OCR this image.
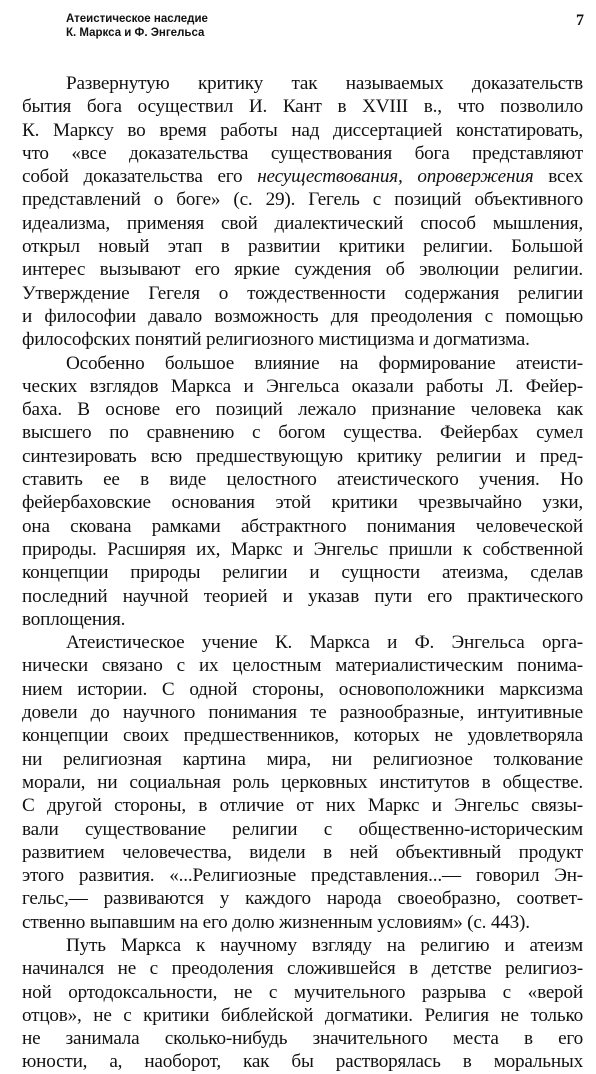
Атеистическое наследие
К. Маркса и Ф. Энгельса
7
Развернутую критику так называемых доказательств
бытия бога осуществил И. Кант в XVIII в., что позволило
К. Марксу во время работы над диссертацией констатировать,
что «все доказательства существования бога представляют
собой доказательства его несуществования, опровержения всех
представлений о боге» (с. 29). Гегель с позиций объективного
идеализма, применяя свой диалектический способ мышления,
открыл новый этап в развитии критики религии. Большой
интерес вызывают его яркие суждения об эволюции религии.
Утверждение Гегеля о тождественности содержания религии
и философии давало возможность для преодоления с помощью
философских понятий религиозного мистицизма и догматизма.
Особенно большое влияние на формирование атеисти-
ческих взглядов Маркса и Энгельса оказали работы Л. Фейер-
баха. В основе его позиций лежало признание человека как
высшего по сравнению с богом существа. Фейербах сумел
синтезировать всю предшествующую критику религии и пред-
ставить ее в виде целостного атеистического учения. Но
фейербаховские основания этой критики чрезвычайно узки,
она скована рамками абстрактного понимания человеческой
природы. Расширяя их, Маркс и Энгельс пришли к собственной
концепции природы религии и сущности атеизма, сделав
последний научной теорией и указав пути его практического
воплощения.
Атеистическое учение К. Маркса и Ф. Энгельса орга-
нически связано с их целостным материалистическим понима-
нием истории. С одной стороны, основоположники марксизма
довели до научного понимания те разнообразные, интуитивные
концепции своих предшественников, которых не удовлетворяла
ни религиозная картина мира, ни религиозное толкование
морали, ни социальная роль церковных институтов в обществе.
С другой стороны, в отличие от них Маркс и Энгельс связы-
вали существование религии с общественно-историческим
развитием человечества, видели в ней объективный продукт
этого развития. «...Религиозные представления...— говорил Эн-
гельс,— развиваются у каждого народа своеобразно, соответ-
ственно выпавшим на его долю жизненным условиям» (с. 443).
Путь Маркса к научному взгляду на религию и атеизм
начинался не с преодоления сложившейся в детстве религиоз-
ной ортодоксальности, не с мучительного разрыва с «верой
отцов», не с критики библейской догматики. Религия не только
не занимала сколько-нибудь значительного места в его
юности, а, наоборот, как бы растворялась в моральных
